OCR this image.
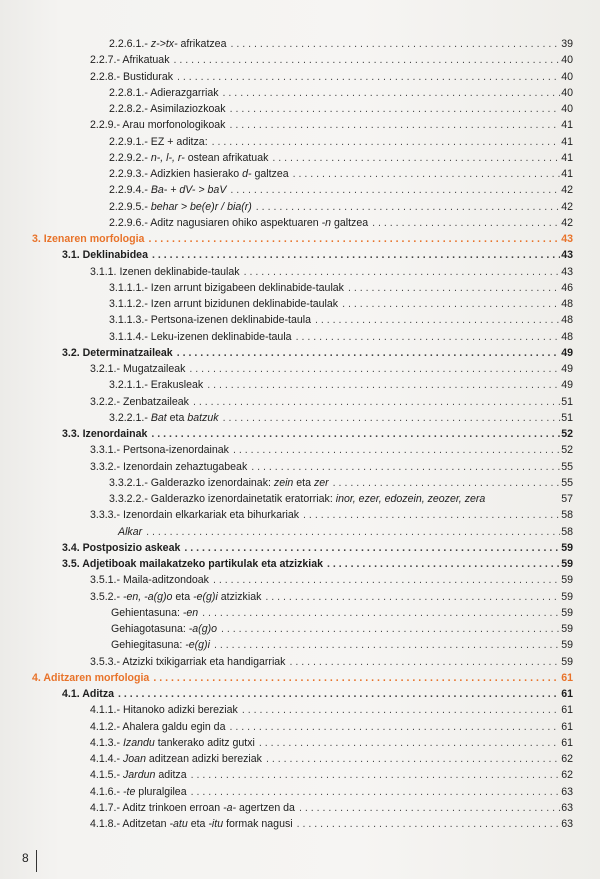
2.2.6.1.- z->tx- afrikatzea . . .	39
2.2.7.- Afrikatuak . . .	40
2.2.8.- Bustidurak . . .	40
2.2.8.1.- Adierazgarriak . . .	40
2.2.8.2.- Asimilaziozkoak . . .	40
2.2.9.- Arau morfonologikoak . . .	41
2.2.9.1.- EZ + aditza: . . .	41
2.2.9.2.- n-, l-, r- ostean afrikatuak . . .	41
2.2.9.3.- Adizkien hasierako d- galtzea . . .	41
2.2.9.4.- Ba- + dV- > baV . . .	42
2.2.9.5.- behar > be(e)r / bia(r) . . .	42
2.2.9.6.- Aditz nagusiaren ohiko aspektuaren -n galtzea . . .	42
3. Izenaren morfologia . . .	43
3.1. Deklinabidea . . .	43
3.1.1. Izenen deklinabide-taulak . . .	43
3.1.1.1.- Izen arrunt bizigabeen deklinabide-taulak . . .	46
3.1.1.2.- Izen arrunt bizidunen deklinabide-taulak . . .	48
3.1.1.3.- Pertsona-izenen deklinabide-taula . . .	48
3.1.1.4.- Leku-izenen deklinabide-taula . . .	48
3.2. Determinatzaileak . . .	49
3.2.1.- Mugatzaileak . . .	49
3.2.1.1.- Erakusleak . . .	49
3.2.2.- Zenbatzaileak . . .	51
3.2.2.1.- Bat eta batzuk . . .	51
3.3. Izenordainak . . .	52
3.3.1.- Pertsona-izenordainak . . .	52
3.3.2.- Izenordain zehaztugabeak . . .	55
3.3.2.1.- Galderazko izenordainak: zein eta zer . . .	55
3.3.2.2.- Galderazko izenordainetatik eratorriak: inor, ezer, edozein, zeozer, zera	57
3.3.3.- Izenordain elkarkariak eta bihurkariak . . .	58
Alkar . . .	58
3.4. Postposizio askeak . . .	59
3.5. Adjetiboak mailakatzeko partikulak eta atzizkiak . . .	59
3.5.1.- Maila-aditzondoak . . .	59
3.5.2.- -en, -a(g)o eta -e(g)i atzizkiak . . .	59
Gehientasuna: -en . . .	59
Gehiagotasuna: -a(g)o . . .	59
Gehiegitasuna: -e(g)i . . .	59
3.5.3.- Atzizki txikigarriak eta handigarriak . . .	59
4. Aditzaren morfologia . . .	61
4.1. Aditza . . .	61
4.1.1.- Hitanoko adizki bereziak . . .	61
4.1.2.- Ahalera galdu egin da . . .	61
4.1.3.- Izandu tankerako aditz gutxi . . .	61
4.1.4.- Joan aditzean adizki bereziak . . .	62
4.1.5.- Jardun aditza . . .	62
4.1.6.- -te pluralgilea . . .	63
4.1.7.- Aditz trinkoen erroan -a- agertzen da . . .	63
4.1.8.- Aditzetan -atu eta -itu formak nagusi . . .	63
8
